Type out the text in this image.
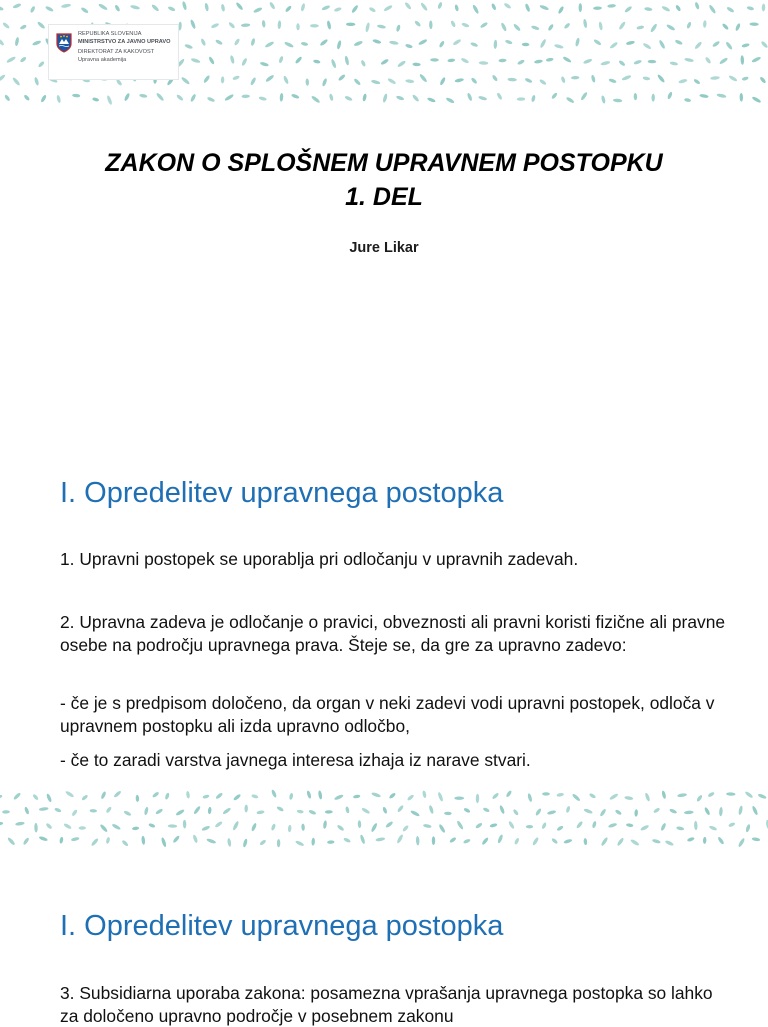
REPUBLIKA SLOVENIJA
MINISTRSTVO ZA JAVNO UPRAVO
DIREKTORAT ZA KAKOVOST
Upravna akademija
ZAKON O SPLOŠNEM UPRAVNEM POSTOPKU
1. DEL
Jure Likar
I. Opredelitev upravnega postopka
1. Upravni postopek se uporablja pri odločanju v upravnih zadevah.
2. Upravna zadeva je odločanje o pravici, obveznosti ali pravni koristi fizične ali pravne osebe na področju upravnega prava. Šteje se, da gre za upravno zadevo:
- če je s predpisom določeno, da organ v neki zadevi vodi upravni postopek, odloča v upravnem postopku ali izda upravno odločbo,
- če to zaradi varstva javnega interesa izhaja iz narave stvari.
I. Opredelitev upravnega postopka
3. Subsidiarna uporaba zakona: posamezna vprašanja upravnega postopka so lahko za določeno upravno področje v posebnem zakonu
